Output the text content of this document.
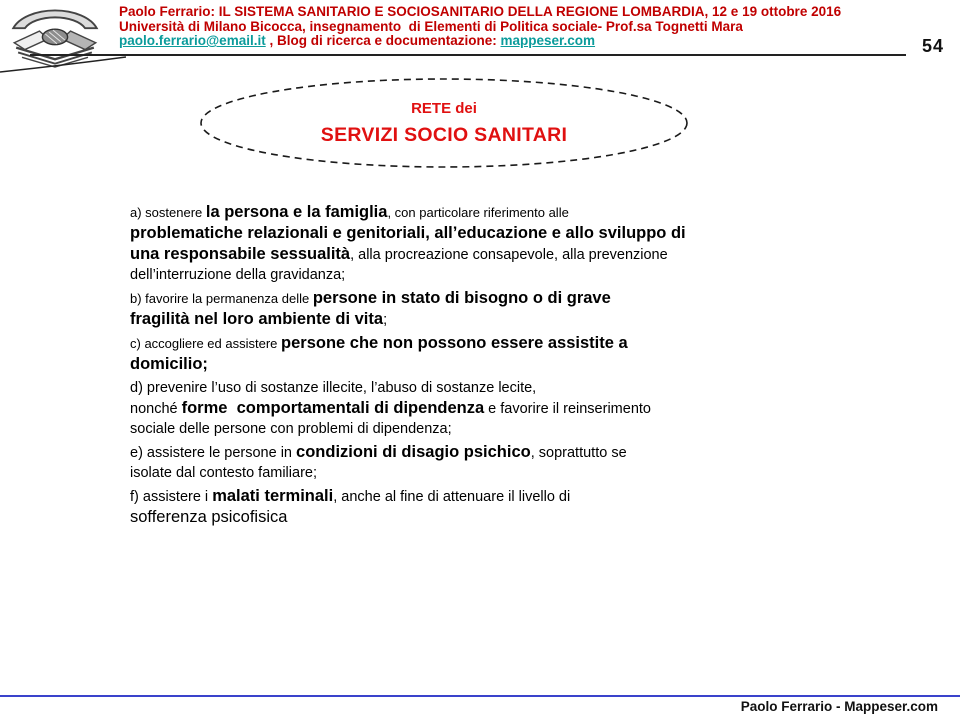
Paolo Ferrario: IL SISTEMA SANITARIO E SOCIOSANITARIO DELLA REGIONE LOMBARDIA, 12 e 19 ottobre 2016
Università di Milano Bicocca, insegnamento  di Elementi di Politica sociale- Prof.sa Tognetti Mara
paolo.ferrario@email.it , Blog di ricerca e documentazione: mappeser.com	54
RETE dei
SERVIZI SOCIO SANITARI
a) sostenere la persona e la famiglia, con particolare riferimento alle
problematiche relazionali e genitoriali, all’educazione e allo sviluppo di
una responsabile sessualità, alla procreazione consapevole, alla prevenzione
dell’interruzione della gravidanza;
b) favorire la permanenza delle persone in stato di bisogno o di grave
fragilità nel loro ambiente di vita;
c) accogliere ed assistere persone che non possono essere assistite a
domicilio;
d) prevenire l’uso di sostanze illecite, l’abuso di sostanze lecite,
nonché forme  comportamentali di dipendenza e favorire il reinserimento
sociale delle persone con problemi di dipendenza;
e) assistere le persone in condizioni di disagio psichico, soprattutto se
isolate dal contesto familiare;
f) assistere i malati terminali, anche al fine di attenuare il livello di
sofferenza psicofisica
Paolo Ferrario - Mappeser.com
